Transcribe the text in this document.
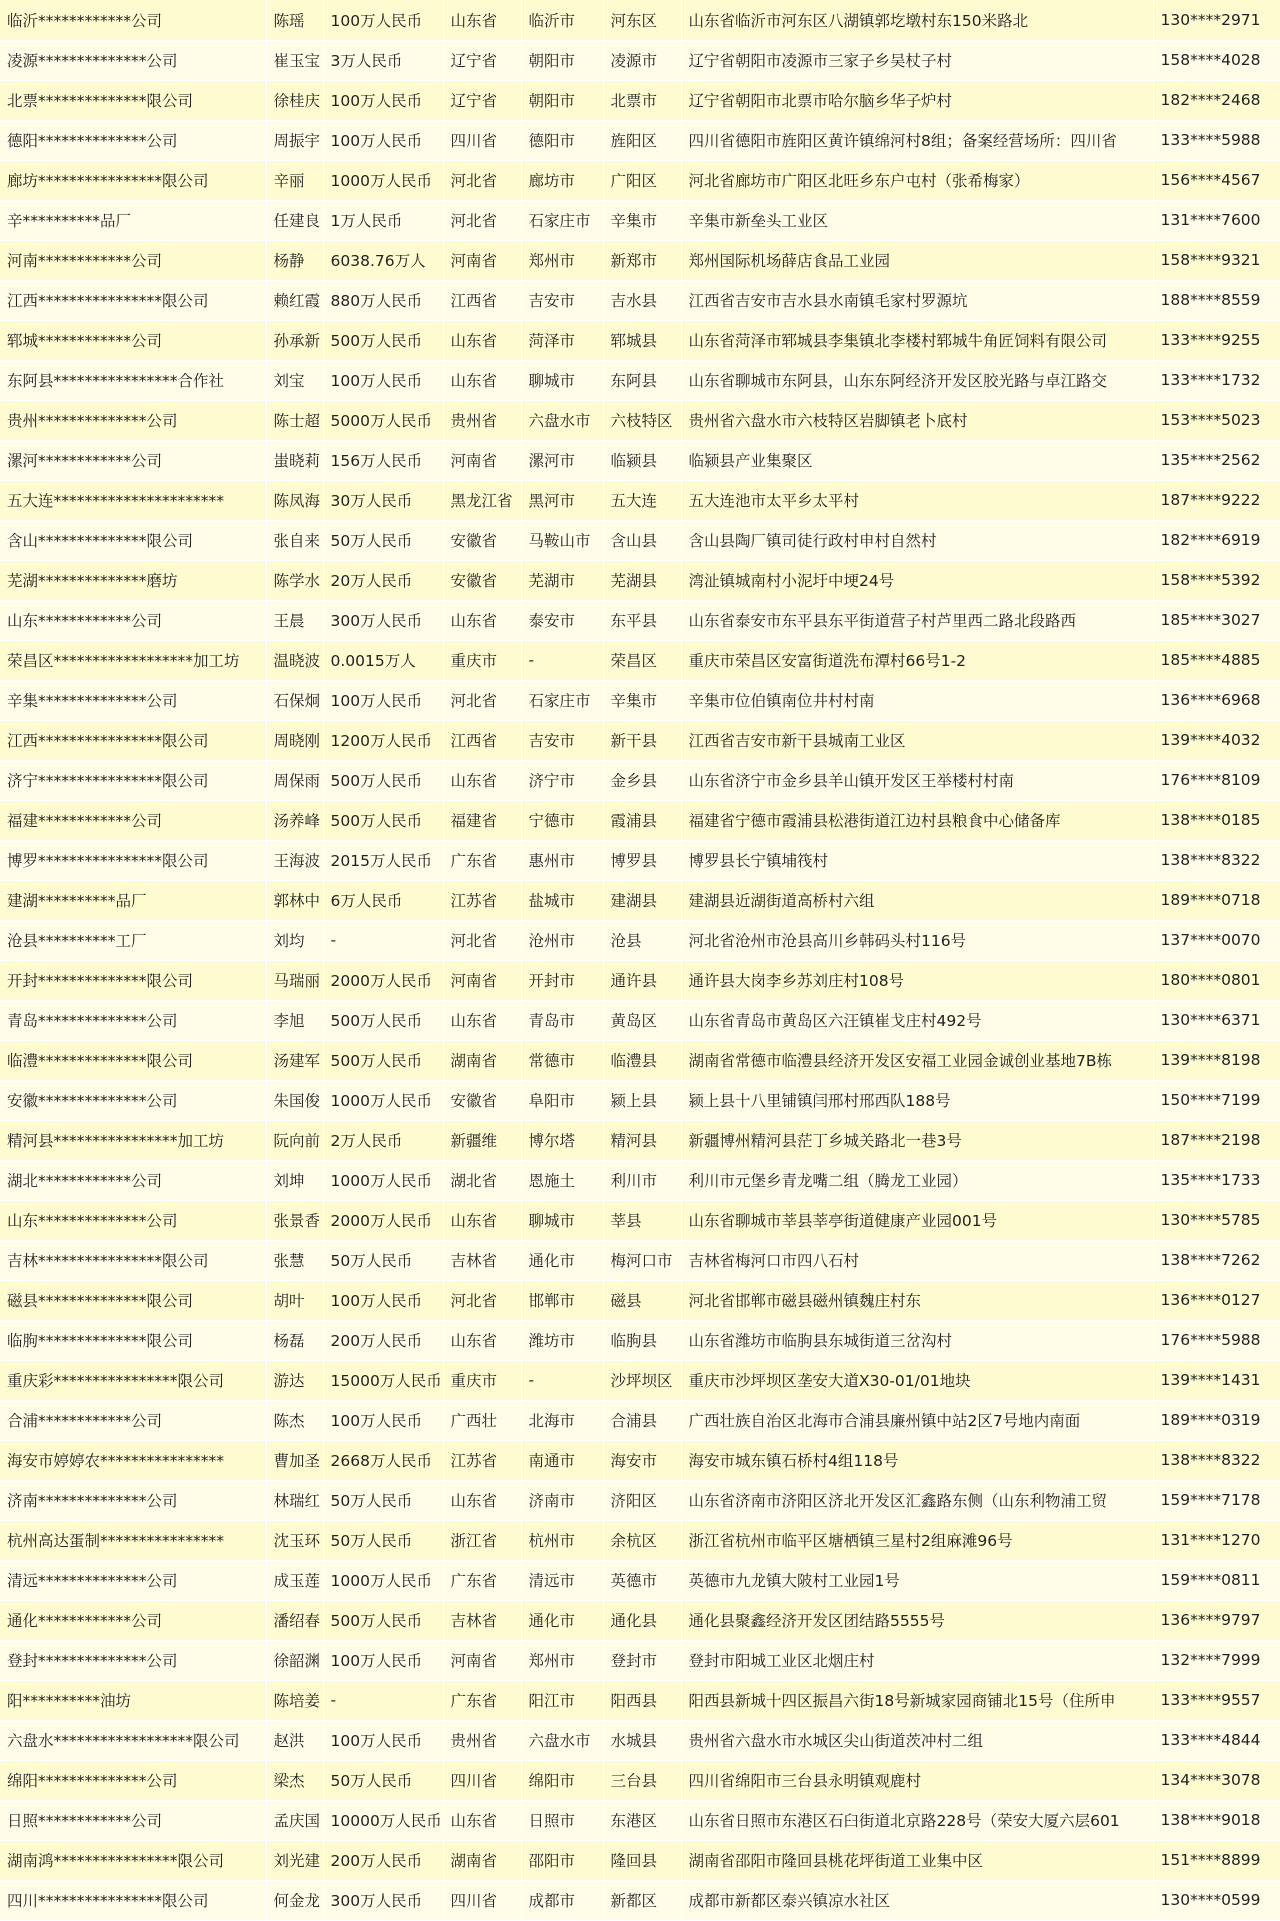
临沂************公司	陈瑶	100万人民币	山东省	临沂市	河东区	山东省临沂市河东区八湖镇郭圪墩村东150米路北	130****2971
凌源**************公司	崔玉宝	3万人民币	辽宁省	朝阳市	凌源市	辽宁省朝阳市凌源市三家子乡吴杖子村	158****4028
北票**************限公司	徐桂庆	100万人民币	辽宁省	朝阳市	北票市	辽宁省朝阳市北票市哈尔脑乡华子炉村	182****2468
德阳**************公司	周振宇	100万人民币	四川省	德阳市	旌阳区	四川省德阳市旌阳区黄许镇绵河村8组；备案经营场所：四川省	133****5988
廊坊****************限公司	辛丽	1000万人民币	河北省	廊坊市	广阳区	河北省廊坊市广阳区北旺乡东户屯村（张希梅家）	156****4567
辛**********品厂	任建良	1万人民币	河北省	石家庄市	辛集市	辛集市新垒头工业区	131****7600
河南************公司	杨静	6038.76万人	河南省	郑州市	新郑市	郑州国际机场薛店食品工业园	158****9321
江西****************限公司	赖红霞	880万人民币	江西省	吉安市	吉水县	江西省吉安市吉水县水南镇毛家村罗源坑	188****8559
郓城************公司	孙承新	500万人民币	山东省	菏泽市	郓城县	山东省菏泽市郓城县李集镇北李楼村郓城牛角匠饲料有限公司	133****9255
东阿县****************合作社	刘宝	100万人民币	山东省	聊城市	东阿县	山东省聊城市东阿县，山东东阿经济开发区胶光路与卓江路交	133****1732
贵州**************公司	陈士超	5000万人民币	贵州省	六盘水市	六枝特区	贵州省六盘水市六枝特区岩脚镇老卜底村	153****5023
漯河************公司	蚩晓莉	156万人民币	河南省	漯河市	临颍县	临颍县产业集聚区	135****2562
五大连**********************	陈凤海	30万人民币	黑龙江省	黑河市	五大连	五大连池市太平乡太平村	187****9222
含山**************限公司	张自来	50万人民币	安徽省	马鞍山市	含山县	含山县陶厂镇司徒行政村申村自然村	182****6919
芜湖**************磨坊	陈学水	20万人民币	安徽省	芜湖市	芜湖县	湾沚镇城南村小泥圩中埂24号	158****5392
山东************公司	王晨	300万人民币	山东省	泰安市	东平县	山东省泰安市东平县东平街道营子村芦里西二路北段路西	185****3027
荣昌区******************加工坊	温晓波	0.0015万人	重庆市	-	荣昌区	重庆市荣昌区安富街道洗布潭村66号1-2	185****4885
辛集**************公司	石保炯	100万人民币	河北省	石家庄市	辛集市	辛集市位伯镇南位井村村南	136****6968
江西****************限公司	周晓刚	1200万人民币	江西省	吉安市	新干县	江西省吉安市新干县城南工业区	139****4032
济宁****************限公司	周保雨	500万人民币	山东省	济宁市	金乡县	山东省济宁市金乡县羊山镇开发区王举楼村村南	176****8109
福建************公司	汤养峰	500万人民币	福建省	宁德市	霞浦县	福建省宁德市霞浦县松港街道江边村县粮食中心储备库	138****0185
博罗****************限公司	王海波	2015万人民币	广东省	惠州市	博罗县	博罗县长宁镇埔筏村	138****8322
建湖**********品厂	郭林中	6万人民币	江苏省	盐城市	建湖县	建湖县近湖街道高桥村六组	189****0718
沧县**********工厂	刘均	-	河北省	沧州市	沧县	河北省沧州市沧县高川乡韩码头村116号	137****0070
开封**************限公司	马瑞丽	2000万人民币	河南省	开封市	通许县	通许县大岗李乡苏刘庄村108号	180****0801
青岛**************公司	李旭	500万人民币	山东省	青岛市	黄岛区	山东省青岛市黄岛区六汪镇崔戈庄村492号	130****6371
临澧**************限公司	汤建军	500万人民币	湖南省	常德市	临澧县	湖南省常德市临澧县经济开发区安福工业园金诚创业基地7B栋	139****8198
安徽**************公司	朱国俊	1000万人民币	安徽省	阜阳市	颍上县	颍上县十八里铺镇闫邢村邢西队188号	150****7199
精河县****************加工坊	阮向前	2万人民币	新疆维	博尔塔	精河县	新疆博州精河县茫丁乡城关路北一巷3号	187****2198
湖北************公司	刘坤	1000万人民币	湖北省	恩施土	利川市	利川市元堡乡青龙嘴二组（腾龙工业园）	135****1733
山东**************公司	张景香	2000万人民币	山东省	聊城市	莘县	山东省聊城市莘县莘亭街道健康产业园001号	130****5785
吉林****************限公司	张慧	50万人民币	吉林省	通化市	梅河口市	吉林省梅河口市四八石村	138****7262
磁县**************限公司	胡叶	100万人民币	河北省	邯郸市	磁县	河北省邯郸市磁县磁州镇魏庄村东	136****0127
临朐**************限公司	杨磊	200万人民币	山东省	潍坊市	临朐县	山东省潍坊市临朐县东城街道三岔沟村	176****5988
重庆彩****************限公司	游达	15000万人民币	重庆市	-	沙坪坝区	重庆市沙坪坝区垄安大道X30-01/01地块	139****1431
合浦************公司	陈杰	100万人民币	广西壮	北海市	合浦县	广西壮族自治区北海市合浦县廉州镇中站2区7号地内南面	189****0319
海安市婷婷农****************	曹加圣	2668万人民币	江苏省	南通市	海安市	海安市城东镇石桥村4组118号	138****8322
济南**************公司	林瑞红	50万人民币	山东省	济南市	济阳区	山东省济南市济阳区济北开发区汇鑫路东侧（山东利物浦工贸	159****7178
杭州高达蛋制****************	沈玉环	50万人民币	浙江省	杭州市	余杭区	浙江省杭州市临平区塘栖镇三星村2组麻滩96号	131****1270
清远**************公司	成玉莲	1000万人民币	广东省	清远市	英德市	英德市九龙镇大陂村工业园1号	159****0811
通化************公司	潘绍春	500万人民币	吉林省	通化市	通化县	通化县聚鑫经济开发区团结路5555号	136****9797
登封**************公司	徐韶渊	100万人民币	河南省	郑州市	登封市	登封市阳城工业区北烟庄村	132****7999
阳**********油坊	陈培姜	-	广东省	阳江市	阳西县	阳西县新城十四区振昌六街18号新城家园商铺北15号（住所申	133****9557
六盘水******************限公司	赵洪	100万人民币	贵州省	六盘水市	水城县	贵州省六盘水市水城区尖山街道茨冲村二组	133****4844
绵阳**************公司	梁杰	50万人民币	四川省	绵阳市	三台县	四川省绵阳市三台县永明镇观鹿村	134****3078
日照************公司	孟庆国	10000万人民币	山东省	日照市	东港区	山东省日照市东港区石臼街道北京路228号（荣安大厦六层601	138****9018
湖南鸿****************限公司	刘光建	200万人民币	湖南省	邵阳市	隆回县	湖南省邵阳市隆回县桃花坪街道工业集中区	151****8899
四川****************限公司	何金龙	300万人民币	四川省	成都市	新都区	成都市新都区泰兴镇凉水社区	130****0599
